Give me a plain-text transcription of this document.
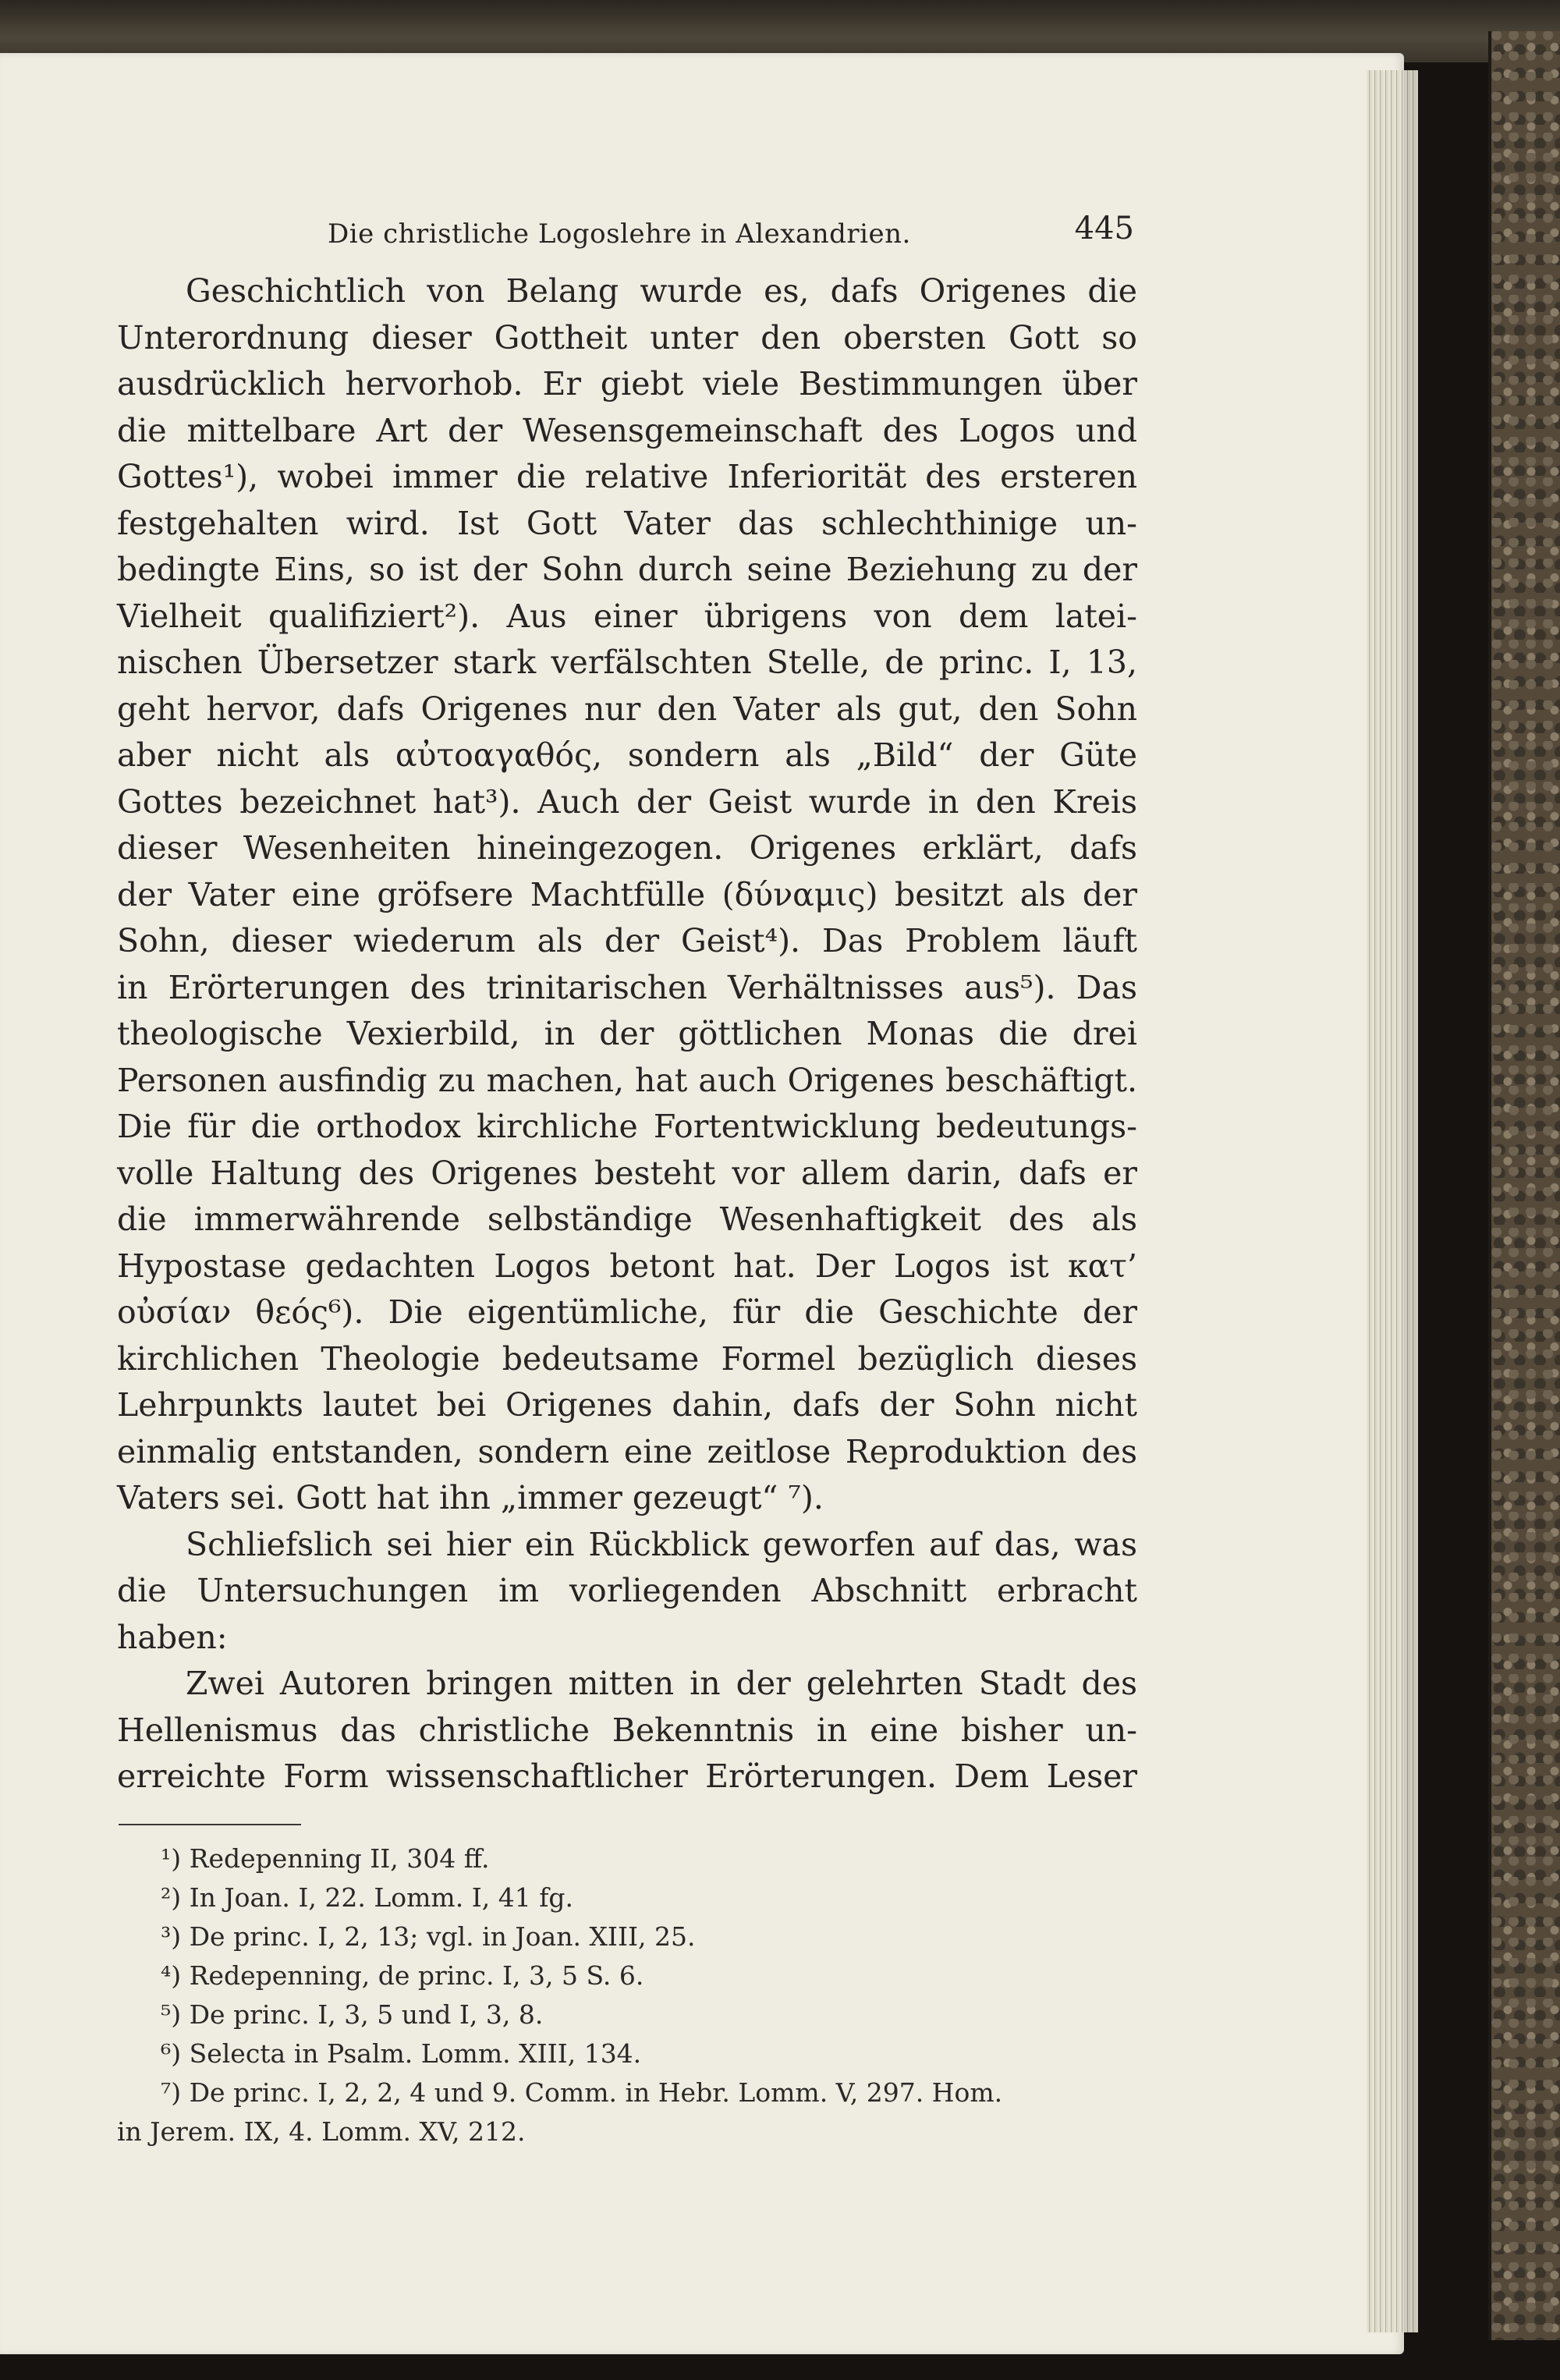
Die christliche Logoslehre in Alexandrien.	445

Geschichtlich von Belang wurde es, dafs Origenes die

Unterordnung dieser Gottheit unter den obersten Gott so

ausdrücklich hervorhob. Er giebt viele Bestimmungen über

die mittelbare Art der Wesensgemeinschaft des Logos und

Gottes¹), wobei immer die relative Inferiorität des ersteren

festgehalten wird. Ist Gott Vater das schlechthinige un-

bedingte Eins, so ist der Sohn durch seine Beziehung zu der

Vielheit qualifiziert²). Aus einer übrigens von dem latei-

nischen Übersetzer stark verfälschten Stelle, de princ. I, 13,

geht hervor, dafs Origenes nur den Vater als gut, den Sohn

aber nicht als αὐτοαγαθός, sondern als „Bild“ der Güte

Gottes bezeichnet hat³). Auch der Geist wurde in den Kreis

dieser Wesenheiten hineingezogen. Origenes erklärt, dafs

der Vater eine gröfsere Machtfülle (δύναμις) besitzt als der

Sohn, dieser wiederum als der Geist⁴). Das Problem läuft

in Erörterungen des trinitarischen Verhältnisses aus⁵). Das

theologische Vexierbild, in der göttlichen Monas die drei

Personen ausfindig zu machen, hat auch Origenes beschäftigt.

Die für die orthodox kirchliche Fortentwicklung bedeutungs-

volle Haltung des Origenes besteht vor allem darin, dafs er

die immerwährende selbständige Wesenhaftigkeit des als

Hypostase gedachten Logos betont hat. Der Logos ist κατ’

οὐσίαν θεός⁶). Die eigentümliche, für die Geschichte der

kirchlichen Theologie bedeutsame Formel bezüglich dieses

Lehrpunkts lautet bei Origenes dahin, dafs der Sohn nicht

einmalig entstanden, sondern eine zeitlose Reproduktion des

Vaters sei. Gott hat ihn „immer gezeugt“ ⁷).

Schliefslich sei hier ein Rückblick geworfen auf das, was

die Untersuchungen im vorliegenden Abschnitt erbracht haben:

Zwei Autoren bringen mitten in der gelehrten Stadt des

Hellenismus das christliche Bekenntnis in eine bisher un-

erreichte Form wissenschaftlicher Erörterungen. Dem Leser

¹) Redepenning II, 304 ff.

²) In Joan. I, 22. Lomm. I, 41 fg.

³) De princ. I, 2, 13; vgl. in Joan. XIII, 25.

⁴) Redepenning, de princ. I, 3, 5 S. 6.

⁵) De princ. I, 3, 5 und I, 3, 8.

⁶) Selecta in Psalm. Lomm. XIII, 134.

⁷) De princ. I, 2, 2, 4 und 9. Comm. in Hebr. Lomm. V, 297. Hom.

in Jerem. IX, 4. Lomm. XV, 212.
